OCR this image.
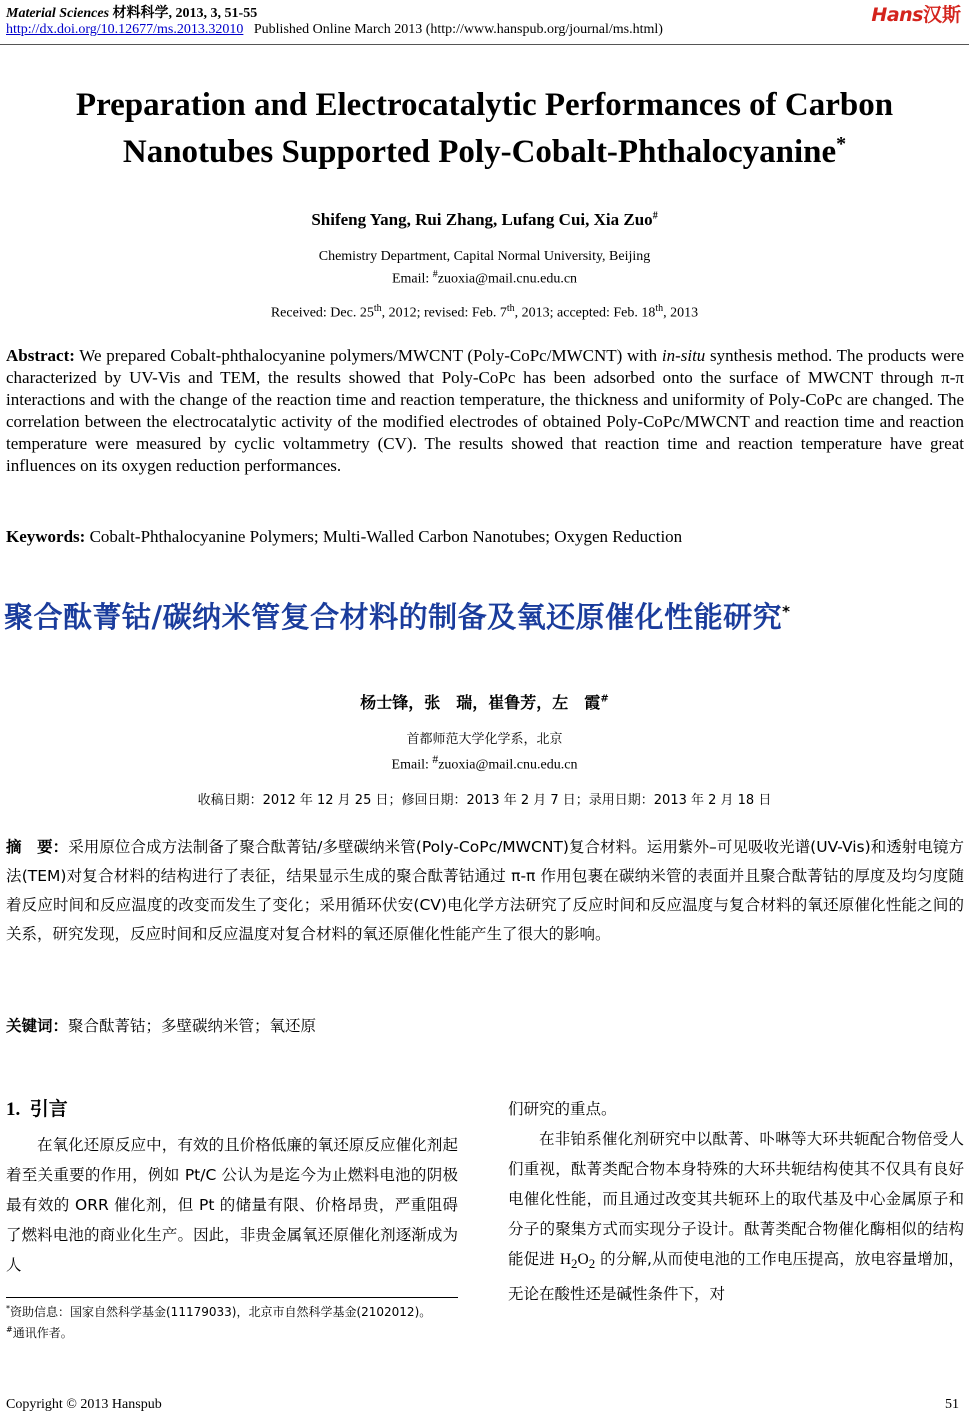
Material Sciences 材料科学, 2013, 3, 51-55
http://dx.doi.org/10.12677/ms.2013.32010 Published Online March 2013 (http://www.hanspub.org/journal/ms.html)
Hans汉斯
Preparation and Electrocatalytic Performances of Carbon
Nanotubes Supported Poly-Cobalt-Phthalocyanine*
Shifeng Yang, Rui Zhang, Lufang Cui, Xia Zuo#
Chemistry Department, Capital Normal University, Beijing
Email: #zuoxia@mail.cnu.edu.cn
Received: Dec. 25th, 2012; revised: Feb. 7th, 2013; accepted: Feb. 18th, 2013
Abstract: We prepared Cobalt-phthalocyanine polymers/MWCNT (Poly-CoPc/MWCNT) with in-situ synthesis method. The products were characterized by UV-Vis and TEM, the results showed that Poly-CoPc has been adsorbed onto the surface of MWCNT through π-π interactions and with the change of the reaction time and reaction temperature, the thickness and uniformity of Poly-CoPc are changed. The correlation between the electrocatalytic activity of the modified electrodes of obtained Poly-CoPc/MWCNT and reaction time and reaction temperature were measured by cyclic voltammetry (CV). The results showed that reaction time and reaction temperature have great influences on its oxygen reduction performances.
Keywords: Cobalt-Phthalocyanine Polymers; Multi-Walled Carbon Nanotubes; Oxygen Reduction
聚合酞菁钴/碳纳米管复合材料的制备及氧还原催化性能研究*
杨士锋，张　瑞，崔鲁芳，左　霞#
首都师范大学化学系，北京
Email: #zuoxia@mail.cnu.edu.cn
收稿日期：2012 年 12 月 25 日；修回日期：2013 年 2 月 7 日；录用日期：2013 年 2 月 18 日
摘　要：采用原位合成方法制备了聚合酞菁钴/多壁碳纳米管(Poly-CoPc/MWCNT)复合材料。运用紫外–可见吸收光谱(UV-Vis)和透射电镜方法(TEM)对复合材料的结构进行了表征，结果显示生成的聚合酞菁钴通过 π-π 作用包裹在碳纳米管的表面并且聚合酞菁钴的厚度及均匀度随着反应时间和反应温度的改变而发生了变化；采用循环伏安(CV)电化学方法研究了反应时间和反应温度与复合材料的氧还原催化性能之间的关系，研究发现，反应时间和反应温度对复合材料的氧还原催化性能产生了很大的影响。
关键词：聚合酞菁钴；多壁碳纳米管；氧还原
1. 引言

在氧化还原反应中，有效的且价格低廉的氧还原反应催化剂起着至关重要的作用，例如 Pt/C 公认为是迄今为止燃料电池的阴极最有效的 ORR 催化剂，但 Pt 的储量有限、价格昂贵，严重阻碍了燃料电池的商业化生产。因此，非贵金属氧还原催化剂逐渐成为人

们研究的重点。

在非铂系催化剂研究中以酞菁、卟啉等大环共轭配合物倍受人们重视，酞菁类配合物本身特殊的大环共轭结构使其不仅具有良好电催化性能，而且通过改变其共轭环上的取代基及中心金属原子和分子的聚集方式而实现分子设计。酞菁类配合物催化酶相似的结构能促进 $H_2O_2$ 的分解,从而使电池的工作电压提高，放电容量增加，无论在酸性还是碱性条件下，对

*资助信息：国家自然科学基金(11179033)，北京市自然科学基金(2102012)。
#通讯作者。
Copyright © 2013 Hanspub	51
